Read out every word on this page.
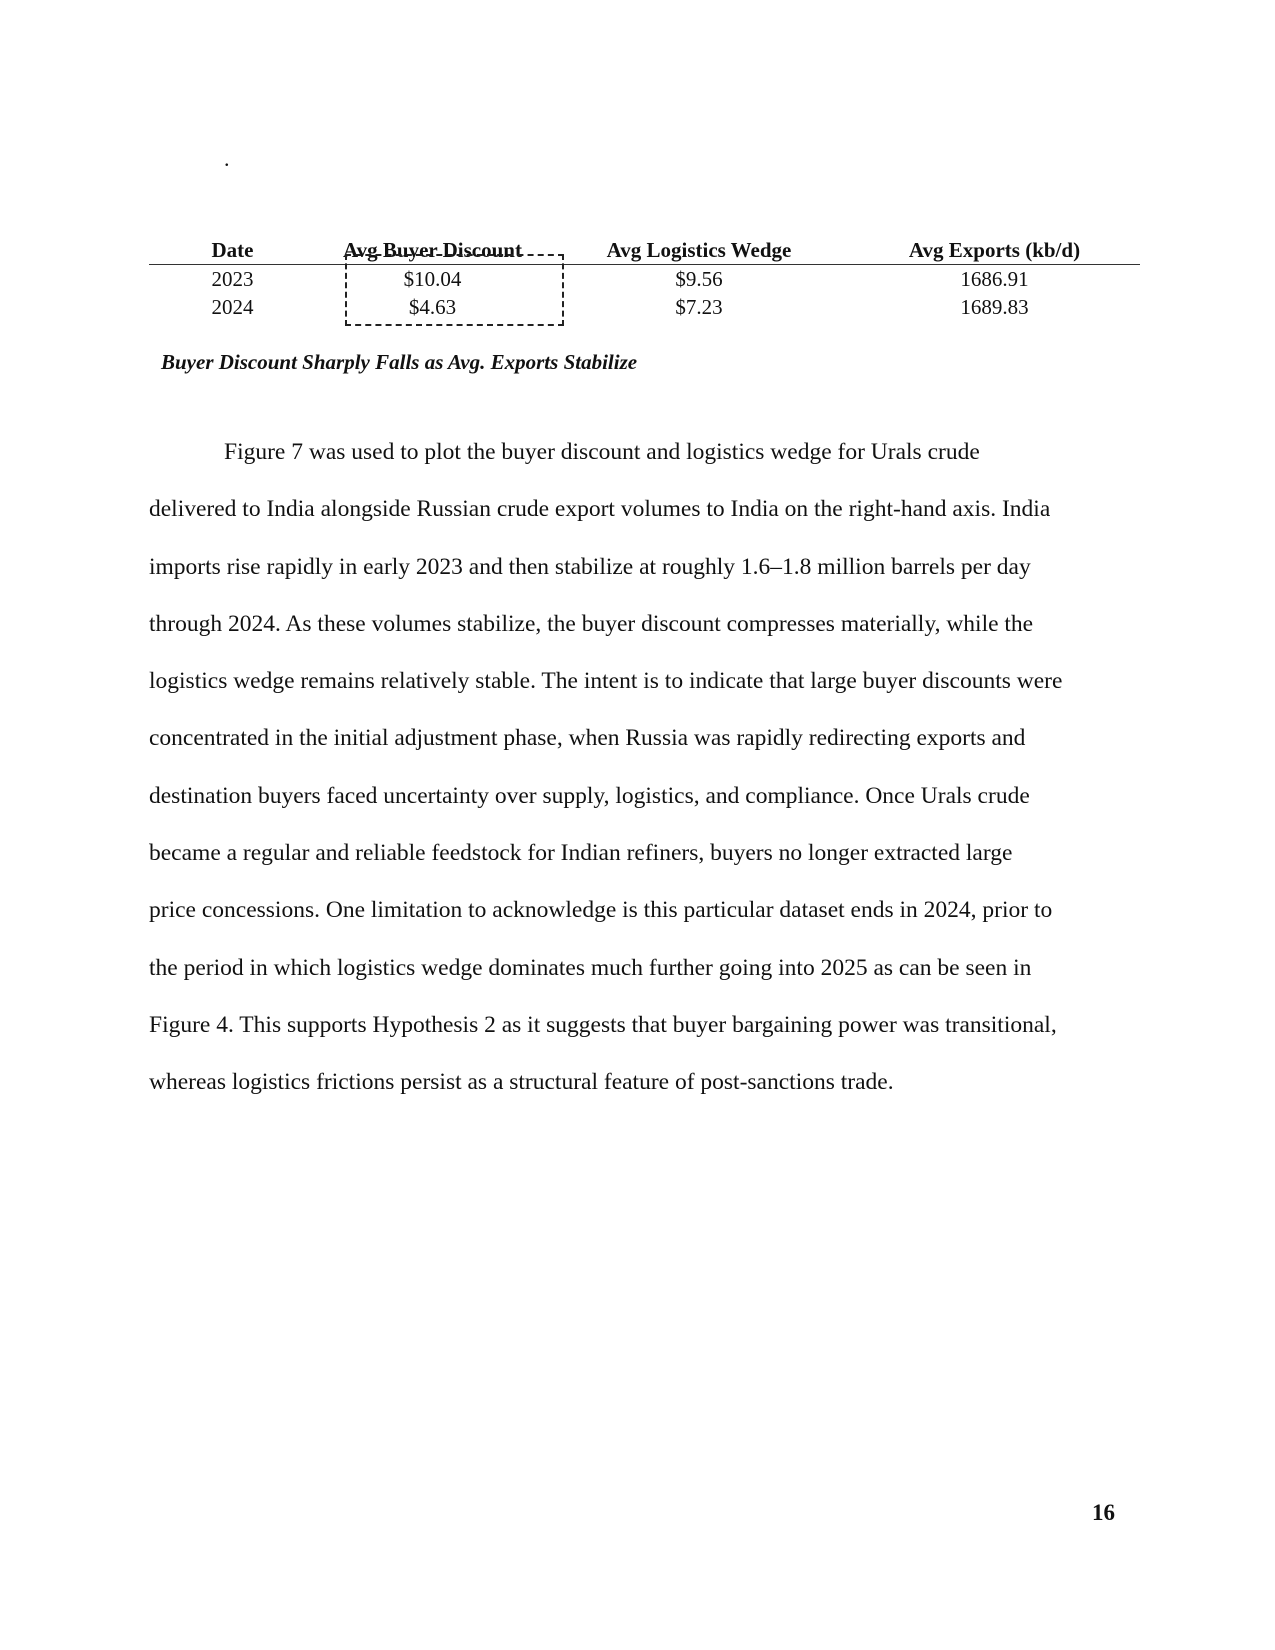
.
Date	Avg Buyer Discount	Avg Logistics Wedge	Avg Exports (kb/d)
2023	$10.04	$9.56	1686.91
2024	$4.63	$7.23	1689.83
Buyer Discount Sharply Falls as Avg. Exports Stabilize

Figure 7 was used to plot the buyer discount and logistics wedge for Urals crude
delivered to India alongside Russian crude export volumes to India on the right-hand axis. India
imports rise rapidly in early 2023 and then stabilize at roughly 1.6–1.8 million barrels per day
through 2024. As these volumes stabilize, the buyer discount compresses materially, while the
logistics wedge remains relatively stable. The intent is to indicate that large buyer discounts were
concentrated in the initial adjustment phase, when Russia was rapidly redirecting exports and
destination buyers faced uncertainty over supply, logistics, and compliance. Once Urals crude
became a regular and reliable feedstock for Indian refiners, buyers no longer extracted large
price concessions. One limitation to acknowledge is this particular dataset ends in 2024, prior to
the period in which logistics wedge dominates much further going into 2025 as can be seen in
Figure 4. This supports Hypothesis 2 as it suggests that buyer bargaining power was transitional,
whereas logistics frictions persist as a structural feature of post-sanctions trade.

16
